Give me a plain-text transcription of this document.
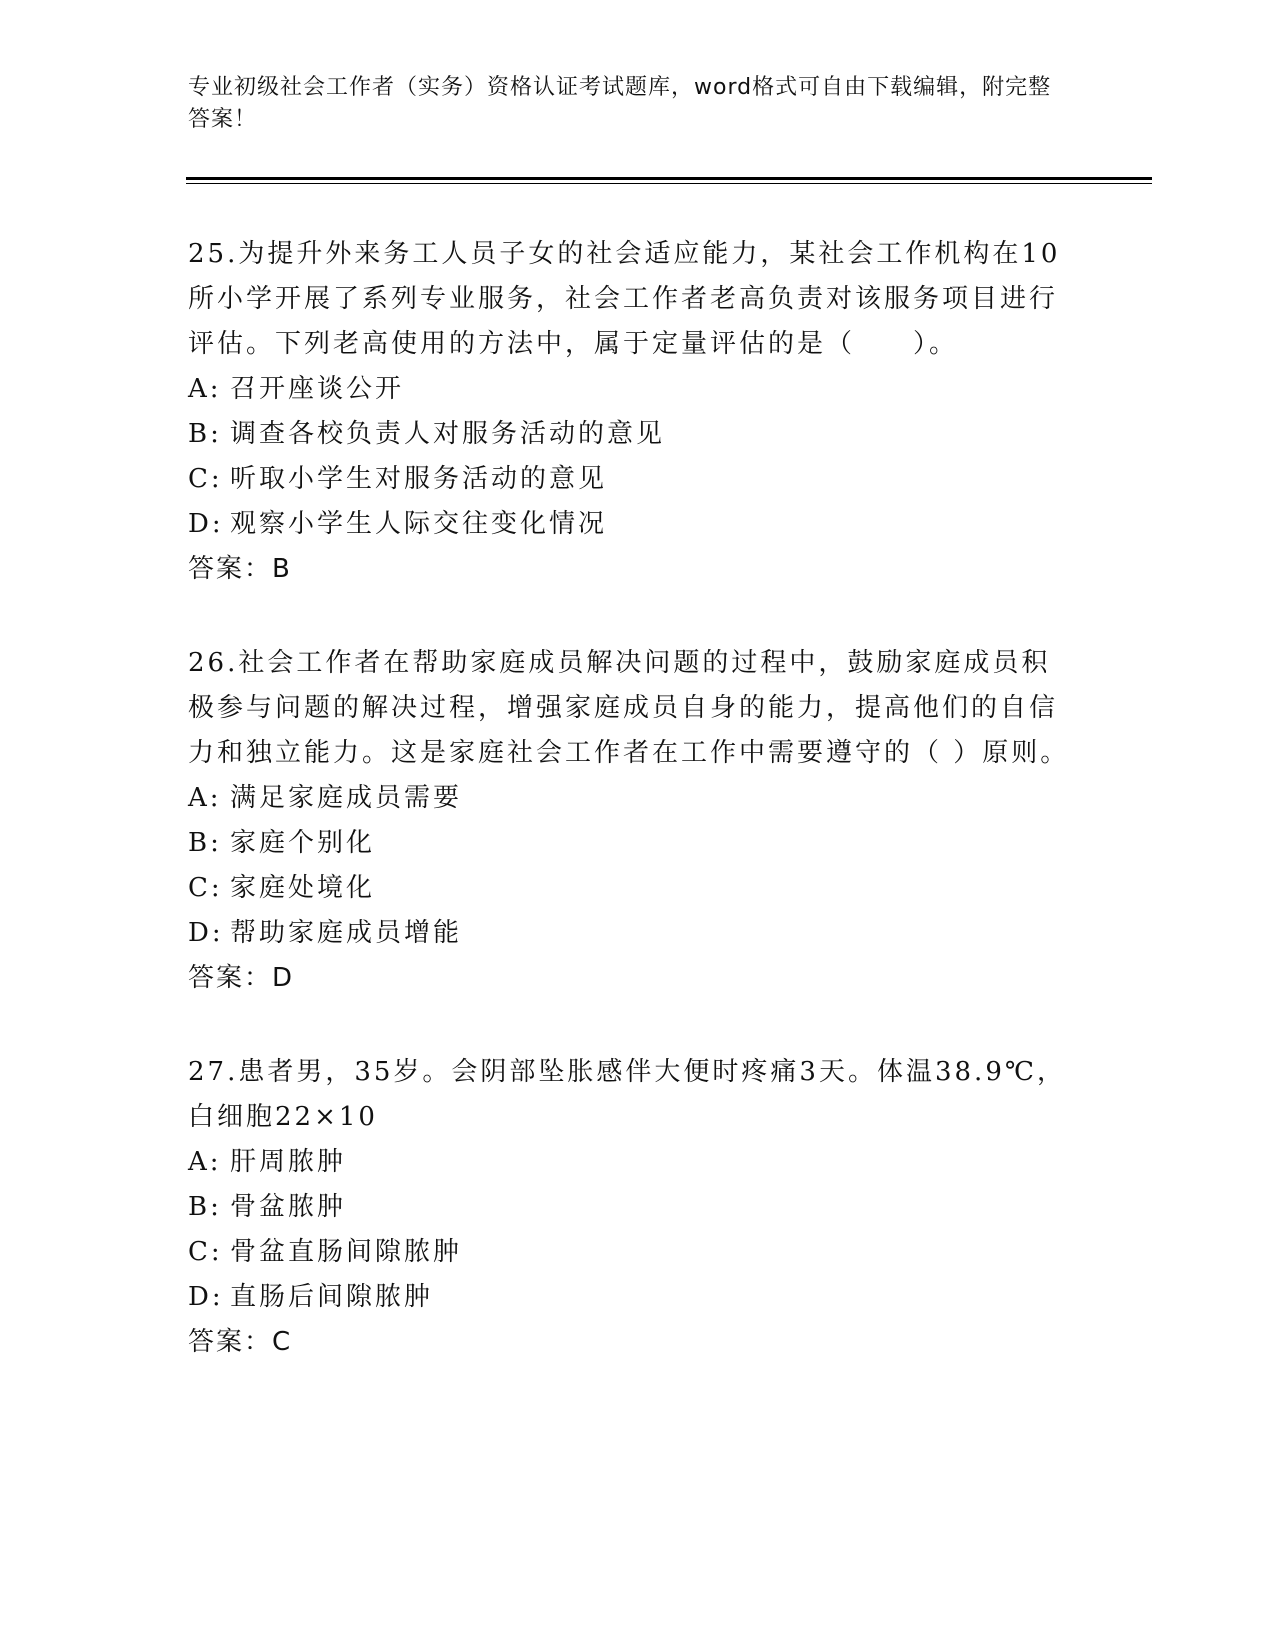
专业初级社会工作者（实务）资格认证考试题库，word格式可自由下载编辑，附完整答案！

25.为提升外来务工人员子女的社会适应能力，某社会工作机构在10所小学开展了系列专业服务，社会工作者老高负责对该服务项目进行评估。下列老高使用的方法中，属于定量评估的是（　　）。

A: 召开座谈公开

B: 调查各校负责人对服务活动的意见

C: 听取小学生对服务活动的意见

D: 观察小学生人际交往变化情况

答案：B

26.社会工作者在帮助家庭成员解决问题的过程中，鼓励家庭成员积极参与问题的解决过程，增强家庭成员自身的能力，提高他们的自信力和独立能力。这是家庭社会工作者在工作中需要遵守的（ ）原则。

A: 满足家庭成员需要

B: 家庭个别化

C: 家庭处境化

D: 帮助家庭成员增能

答案：D

27.患者男，35岁。会阴部坠胀感伴大便时疼痛3天。体温38.9℃，白细胞22×10

A: 肝周脓肿

B: 骨盆脓肿

C: 骨盆直肠间隙脓肿

D: 直肠后间隙脓肿

答案：C
